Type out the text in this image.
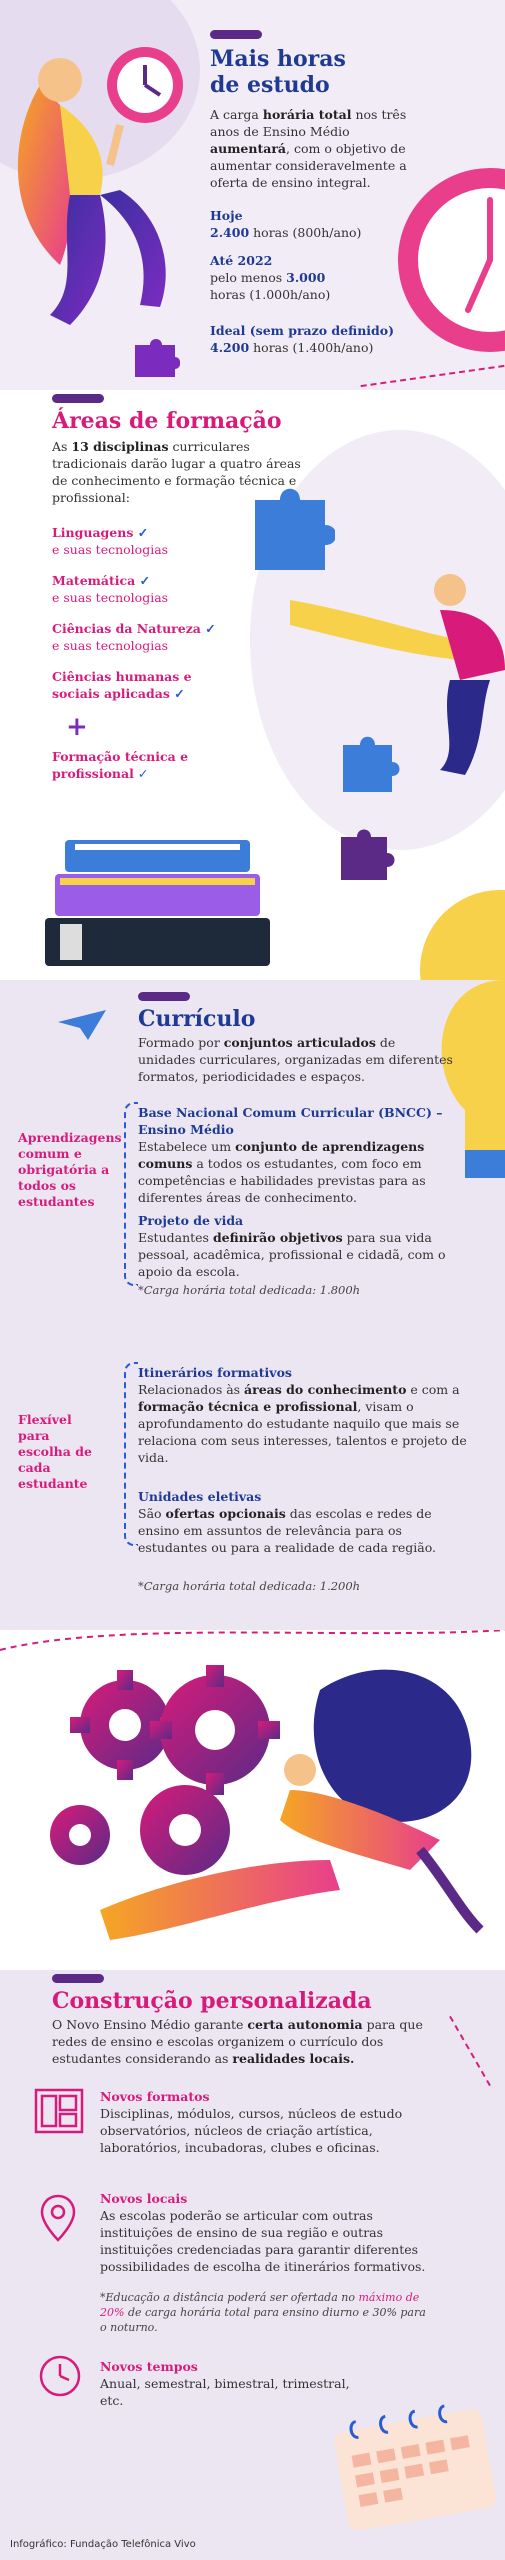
Mais horas
de estudo
A carga horária total nos três anos de Ensino Médio aumentará, com o objetivo de aumentar consideravelmente a oferta de ensino integral.
Hoje
2.400 horas (800h/ano)
Até 2022
pelo menos 3.000
horas (1.000h/ano)
Ideal (sem prazo definido)
4.200 horas (1.400h/ano)
Áreas de formação
As 13 disciplinas curriculares tradicionais darão lugar a quatro áreas de conhecimento e formação técnica e profissional:
Linguagens ✓
e suas tecnologias
Matemática ✓
e suas tecnologias
Ciências da Natureza ✓
e suas tecnologias
Ciências humanas e sociais aplicadas ✓
+
Formação técnica e profissional ✓
Currículo
Formado por conjuntos articulados de unidades curriculares, organizadas em diferentes formatos, periodicidades e espaços.
Aprendizagens comum e obrigatória a todos os estudantes
Base Nacional Comum Curricular (BNCC) – Ensino Médio
Estabelece um conjunto de aprendizagens comuns a todos os estudantes, com foco em competências e habilidades previstas para as diferentes áreas de conhecimento.
Projeto de vida
Estudantes definirão objetivos para sua vida pessoal, acadêmica, profissional e cidadã, com o apoio da escola.
*Carga horária total dedicada: 1.800h
Flexível para escolha de cada estudante
Itinerários formativos
Relacionados às áreas do conhecimento e com a formação técnica e profissional, visam o aprofundamento do estudante naquilo que mais se relaciona com seus interesses, talentos e projeto de vida.
Unidades eletivas
São ofertas opcionais das escolas e redes de ensino em assuntos de relevância para os estudantes ou para a realidade de cada região.
*Carga horária total dedicada: 1.200h
Construção personalizada
O Novo Ensino Médio garante certa autonomia para que redes de ensino e escolas organizem o currículo dos estudantes considerando as realidades locais.
Novos formatos
Disciplinas, módulos, cursos, núcleos de estudo observatórios, núcleos de criação artística, laboratórios, incubadoras, clubes e oficinas.
Novos locais
As escolas poderão se articular com outras instituições de ensino de sua região e outras instituições credenciadas para garantir diferentes possibilidades de escolha de itinerários formativos.
*Educação a distância poderá ser ofertada no máximo de 20% de carga horária total para ensino diurno e 30% para o noturno.
Novos tempos
Anual, semestral, bimestral, trimestral, etc.
Infográfico: Fundação Telefônica Vivo
